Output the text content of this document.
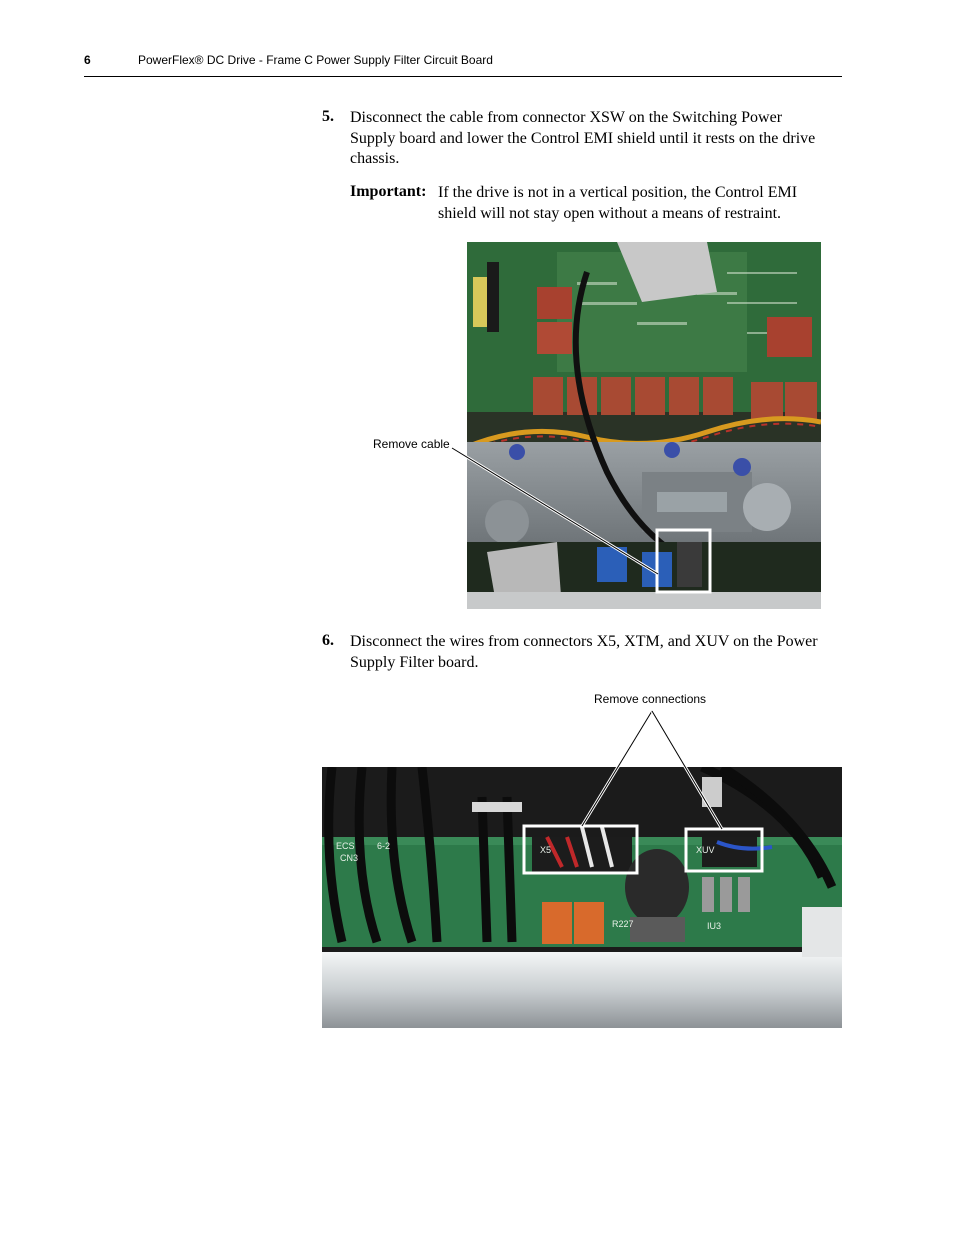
6	PowerFlex® DC Drive - Frame C Power Supply Filter Circuit Board
5. Disconnect the cable from connector XSW on the Switching Power Supply board and lower the Control EMI shield until it rests on the drive chassis.
Important: If the drive is not in a vertical position, the Control EMI shield will not stay open without a means of restraint.
Remove cable
6. Disconnect the wires from connectors X5, XTM, and XUV on the Power Supply Filter board.
Remove connections
ECS
CN3
6-2	X5	XUV
IU3
R227
